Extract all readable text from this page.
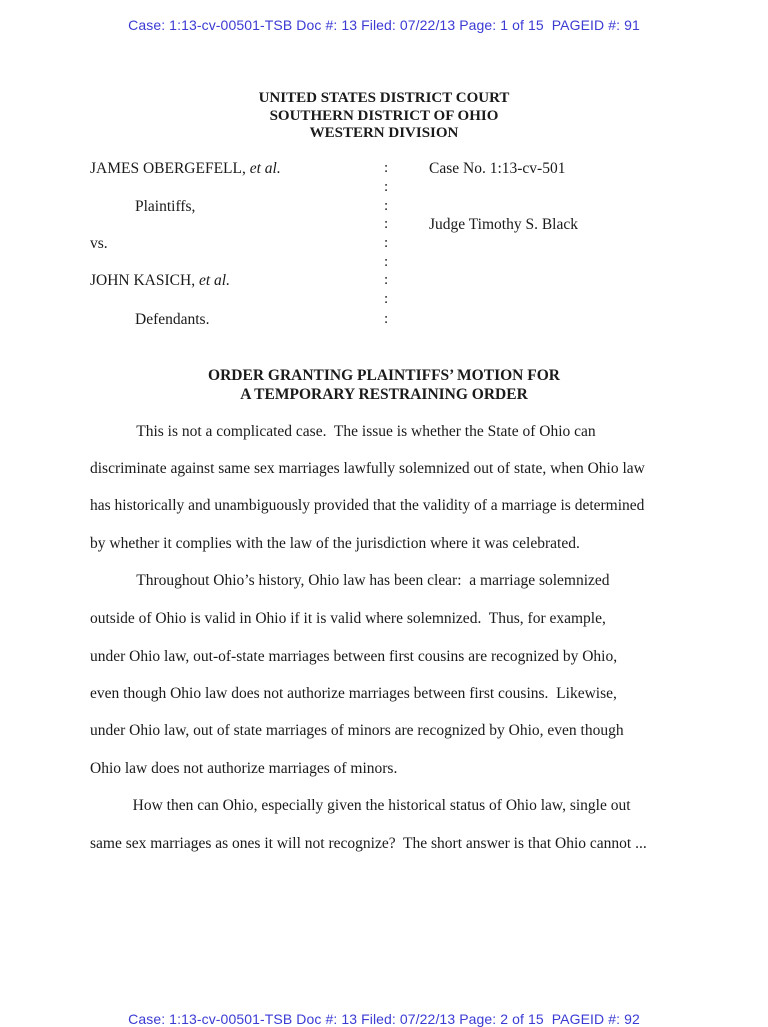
Case: 1:13-cv-00501-TSB Doc #: 13 Filed: 07/22/13 Page: 1 of 15  PAGEID #: 91
UNITED STATES DISTRICT COURT
SOUTHERN DISTRICT OF OHIO
WESTERN DIVISION
JAMES OBERGEFELL, et al.
Plaintiffs,
vs.
JOHN KASICH, et al.
Defendants.
:
:
:
:
:
:
:
:
:
Case No. 1:13-cv-501
Judge Timothy S. Black
ORDER GRANTING PLAINTIFFS’ MOTION FOR
A TEMPORARY RESTRAINING ORDER
This is not a complicated case.  The issue is whether the State of Ohio can
discriminate against same sex marriages lawfully solemnized out of state, when Ohio law
has historically and unambiguously provided that the validity of a marriage is determined
by whether it complies with the law of the jurisdiction where it was celebrated.
Throughout Ohio’s history, Ohio law has been clear:  a marriage solemnized
outside of Ohio is valid in Ohio if it is valid where solemnized.  Thus, for example,
under Ohio law, out-of-state marriages between first cousins are recognized by Ohio,
even though Ohio law does not authorize marriages between first cousins.  Likewise,
under Ohio law, out of state marriages of minors are recognized by Ohio, even though
Ohio law does not authorize marriages of minors.
How then can Ohio, especially given the historical status of Ohio law, single out
same sex marriages as ones it will not recognize?  The short answer is that Ohio cannot ...
Case: 1:13-cv-00501-TSB Doc #: 13 Filed: 07/22/13 Page: 2 of 15  PAGEID #: 92
